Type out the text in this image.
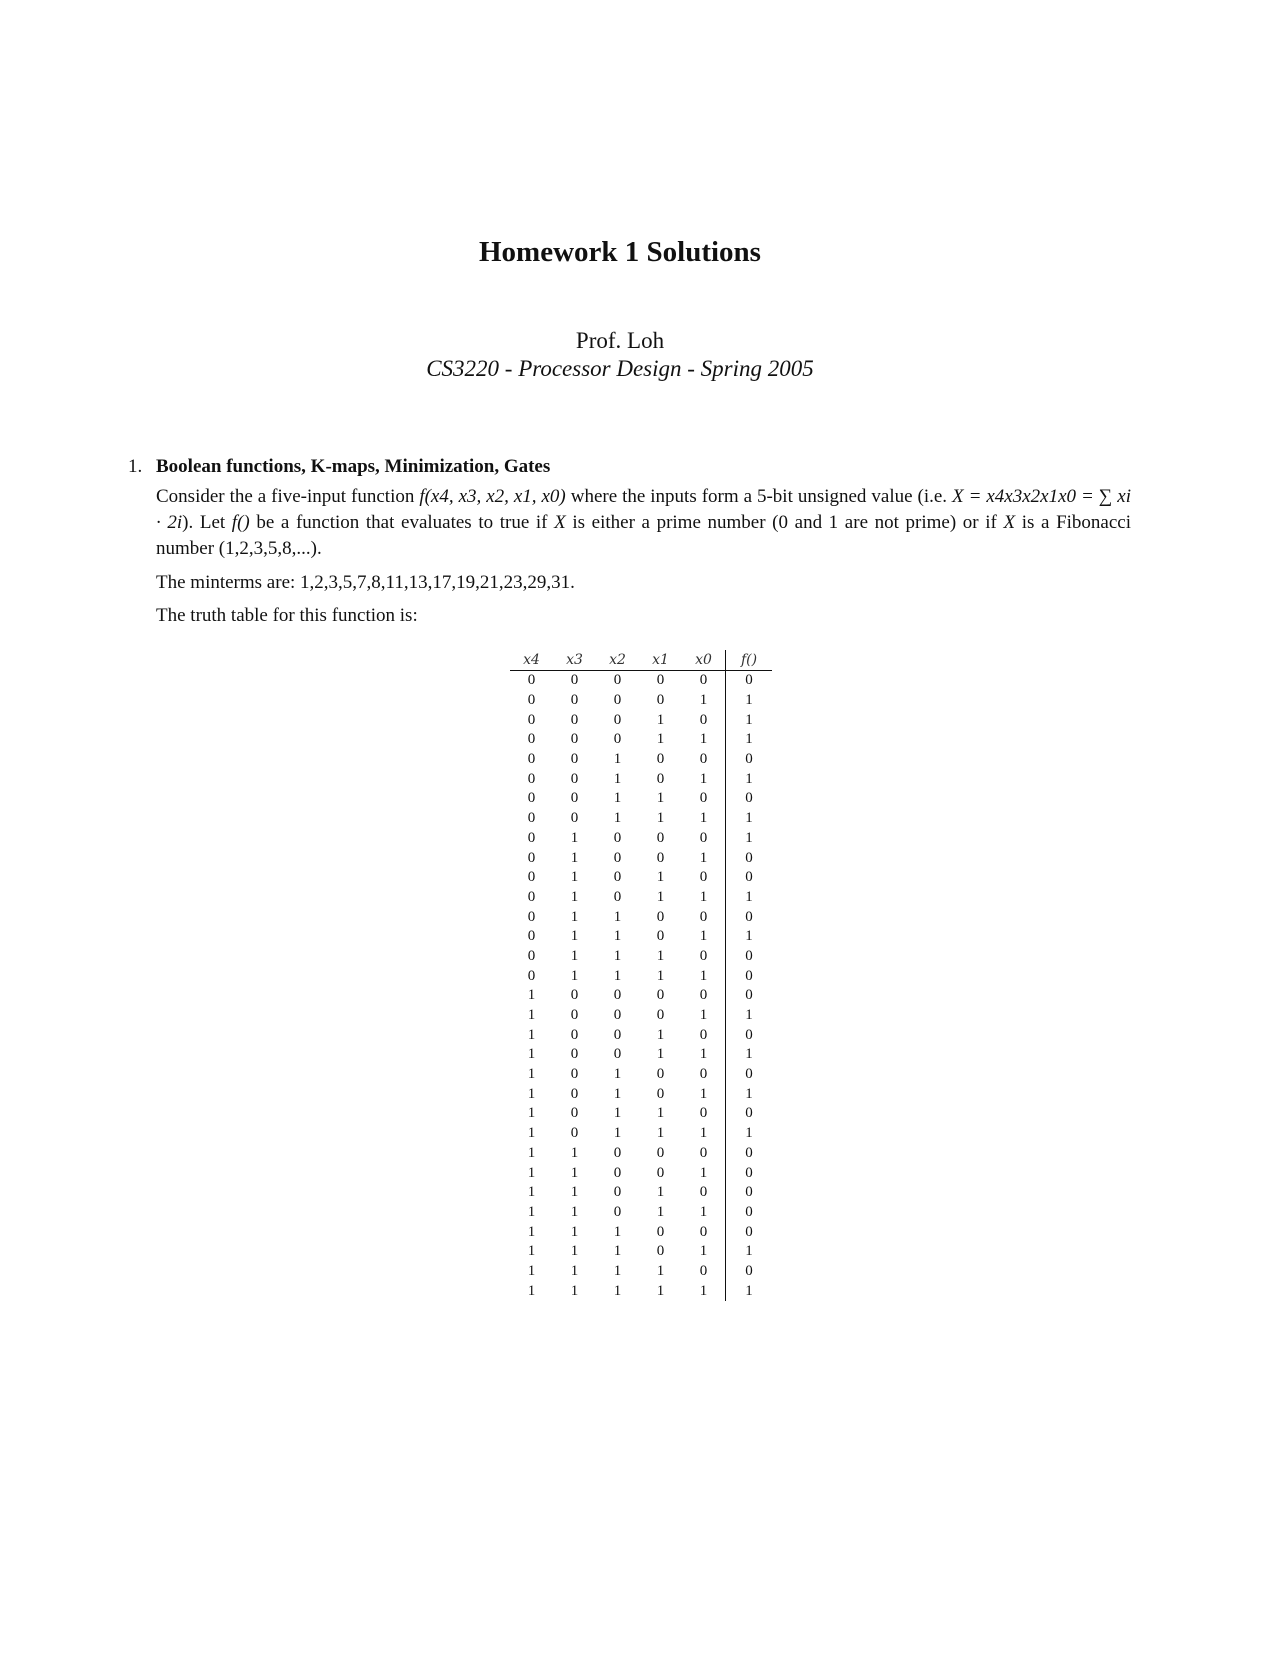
Homework 1 Solutions
Prof. Loh
CS3220 - Processor Design - Spring 2005
1. Boolean functions, K-maps, Minimization, Gates
Consider the a five-input function f(x4, x3, x2, x1, x0) where the inputs form a 5-bit unsigned value (i.e. X = x4x3x2x1x0 = ∑ xi · 2i). Let f() be a function that evaluates to true if X is either a prime number (0 and 1 are not prime) or if X is a Fibonacci number (1,2,3,5,8,...).
The minterms are: 1,2,3,5,7,8,11,13,17,19,21,23,29,31.
The truth table for this function is:
x4	x3	x2	x1	x0	f()
0	0	0	0	0	0
0	0	0	0	1	1
0	0	0	1	0	1
0	0	0	1	1	1
0	0	1	0	0	0
0	0	1	0	1	1
0	0	1	1	0	0
0	0	1	1	1	1
0	1	0	0	0	1
0	1	0	0	1	0
0	1	0	1	0	0
0	1	0	1	1	1
0	1	1	0	0	0
0	1	1	0	1	1
0	1	1	1	0	0
0	1	1	1	1	0
1	0	0	0	0	0
1	0	0	0	1	1
1	0	0	1	0	0
1	0	0	1	1	1
1	0	1	0	0	0
1	0	1	0	1	1
1	0	1	1	0	0
1	0	1	1	1	1
1	1	0	0	0	0
1	1	0	0	1	0
1	1	0	1	0	0
1	1	0	1	1	0
1	1	1	0	0	0
1	1	1	0	1	1
1	1	1	1	0	0
1	1	1	1	1	1
